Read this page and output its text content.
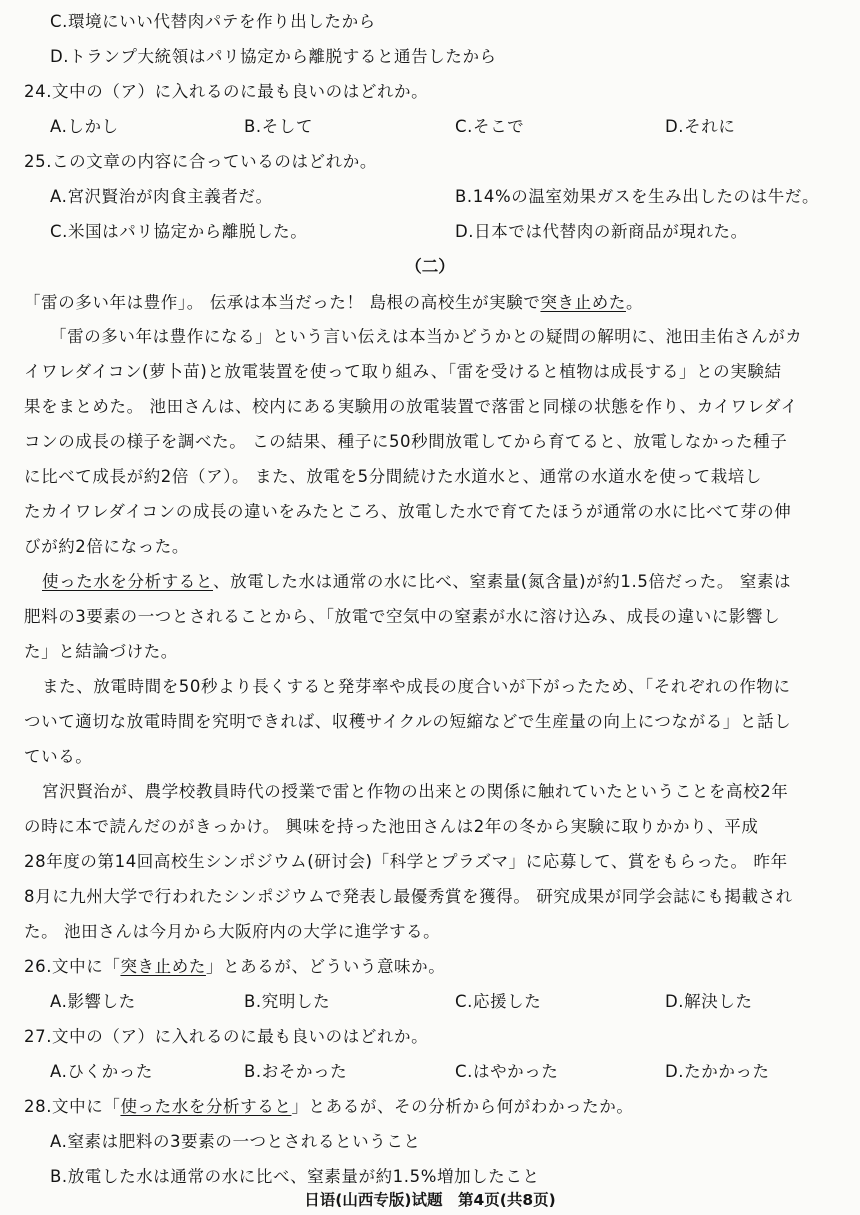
C.環境にいい代替肉パテを作り出したから
D.トランプ大統領はパリ協定から離脱すると通告したから
24.文中の（ア）に入れるのに最も良いのはどれか。
A.しかし	B.そして	C.そこで	D.それに
25.この文章の内容に合っているのはどれか。
A.宮沢賢治が肉食主義者だ。	B.14%の温室効果ガスを生み出したのは牛だ。
C.米国はパリ協定から離脱した。	D.日本では代替肉の新商品が現れた。
（二）
「雷の多い年は豊作」。 伝承は本当だった！ 島根の高校生が実験で突き止めた。
「雷の多い年は豊作になる」という言い伝えは本当かどうかとの疑問の解明に、池田圭佑さんがカ
イワレダイコン(萝卜苗)と放電装置を使って取り組み、「雷を受けると植物は成長する」との実験結
果をまとめた。 池田さんは、校内にある実験用の放電装置で落雷と同様の状態を作り、カイワレダイ
コンの成長の様子を調べた。 この結果、種子に50秒間放電してから育てると、放電しなかった種子
に比べて成長が約2倍（ア）。 また、放電を5分間続けた水道水と、通常の水道水を使って栽培し
たカイワレダイコンの成長の違いをみたところ、放電した水で育てたほうが通常の水に比べて芽の伸
びが約2倍になった。
使った水を分析すると、放電した水は通常の水に比べ、窒素量(氮含量)が約1.5倍だった。 窒素は
肥料の3要素の一つとされることから、「放電で空気中の窒素が水に溶け込み、成長の違いに影響し
た」と結論づけた。
また、放電時間を50秒より長くすると発芽率や成長の度合いが下がったため、「それぞれの作物に
ついて適切な放電時間を究明できれば、収穫サイクルの短縮などで生産量の向上につながる」と話し
ている。
宮沢賢治が、農学校教員時代の授業で雷と作物の出来との関係に触れていたということを高校2年
の時に本で読んだのがきっかけ。 興味を持った池田さんは2年の冬から実験に取りかかり、平成
28年度の第14回高校生シンポジウム(研讨会)「科学とプラズマ」に応募して、賞をもらった。 昨年
8月に九州大学で行われたシンポジウムで発表し最優秀賞を獲得。 研究成果が同学会誌にも掲載され
た。 池田さんは今月から大阪府内の大学に進学する。
26.文中に「突き止めた」とあるが、どういう意味か。
A.影響した	B.究明した	C.応援した	D.解決した
27.文中の（ア）に入れるのに最も良いのはどれか。
A.ひくかった	B.おそかった	C.はやかった	D.たかかった
28.文中に「使った水を分析すると」とあるが、その分析から何がわかったか。
A.窒素は肥料の3要素の一つとされるということ
B.放電した水は通常の水に比べ、窒素量が約1.5%増加したこと
日语(山西专版)试题　第4页(共8页)
